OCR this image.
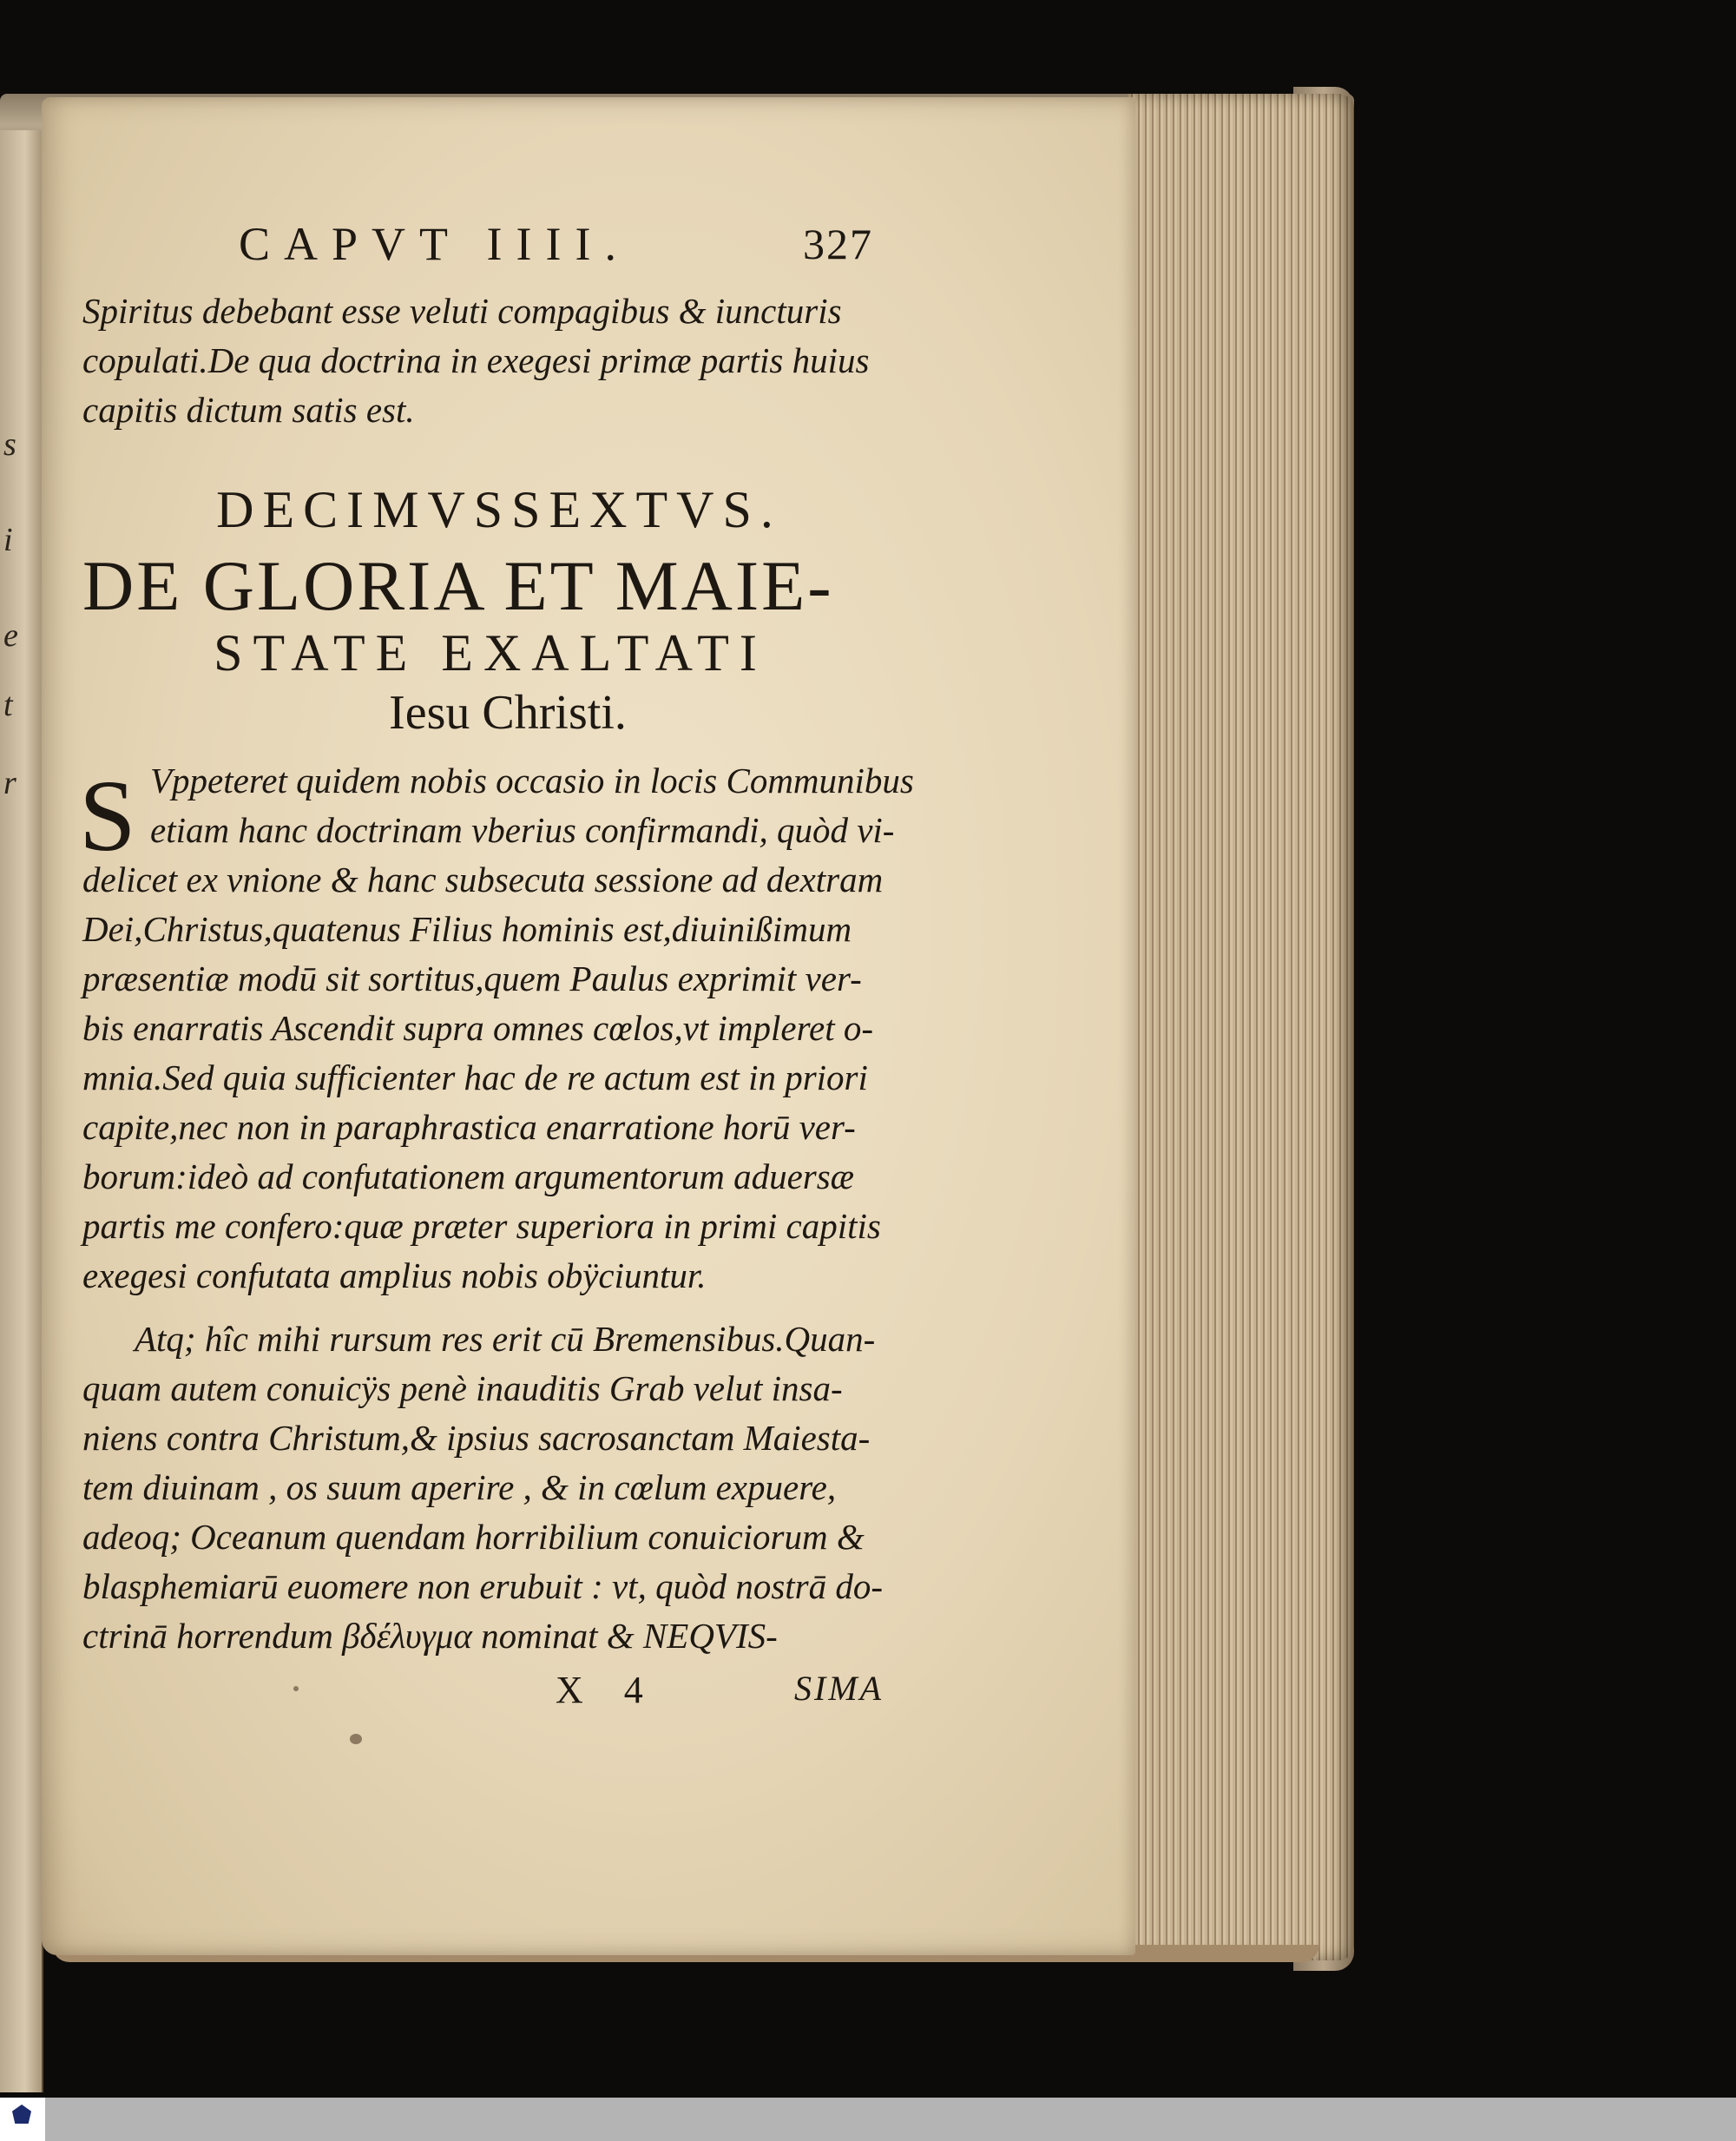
s
i
e
t
r
CAPVT IIII.	327
Spiritus debebant esse veluti compagibus & iuncturis
copulati.De qua doctrina in exegesi primæ partis huius
capitis dictum satis est.
DECIMVSSEXTVS.
DE GLORIA ET MAIE-
STATE EXALTATI
Iesu Christi.
S Vppeteret quidem nobis occasio in locis Communibus
etiam hanc doctrinam vberius confirmandi, quòd vi-
delicet ex vnione & hanc subsecuta sessione ad dextram
Dei,Christus,quatenus Filius hominis est,diuinißimum
præsentiæ modū sit sortitus,quem Paulus exprimit ver-
bis enarratis Ascendit supra omnes cœlos,vt impleret o-
mnia.Sed quia sufficienter hac de re actum est in priori
capite,nec non in paraphrastica enarratione horū ver-
borum:ideò ad confutationem argumentorum aduersæ
partis me confero:quæ præter superiora in primi capitis
exegesi confutata amplius nobis obÿciuntur.
Atq; hîc mihi rursum res erit cū Bremensibus.Quan-
quam autem conuicÿs penè inauditis Grab velut insa-
niens contra Christum,& ipsius sacrosanctam Maiesta-
tem diuinam , os suum aperire , & in cœlum expuere,
adeoq; Oceanum quendam horribilium conuiciorum &
blasphemiarū euomere non erubuit : vt, quòd nostrā do-
ctrinā horrendum βδέλυγμα nominat & NEQVIS-
X 4	SIMA
